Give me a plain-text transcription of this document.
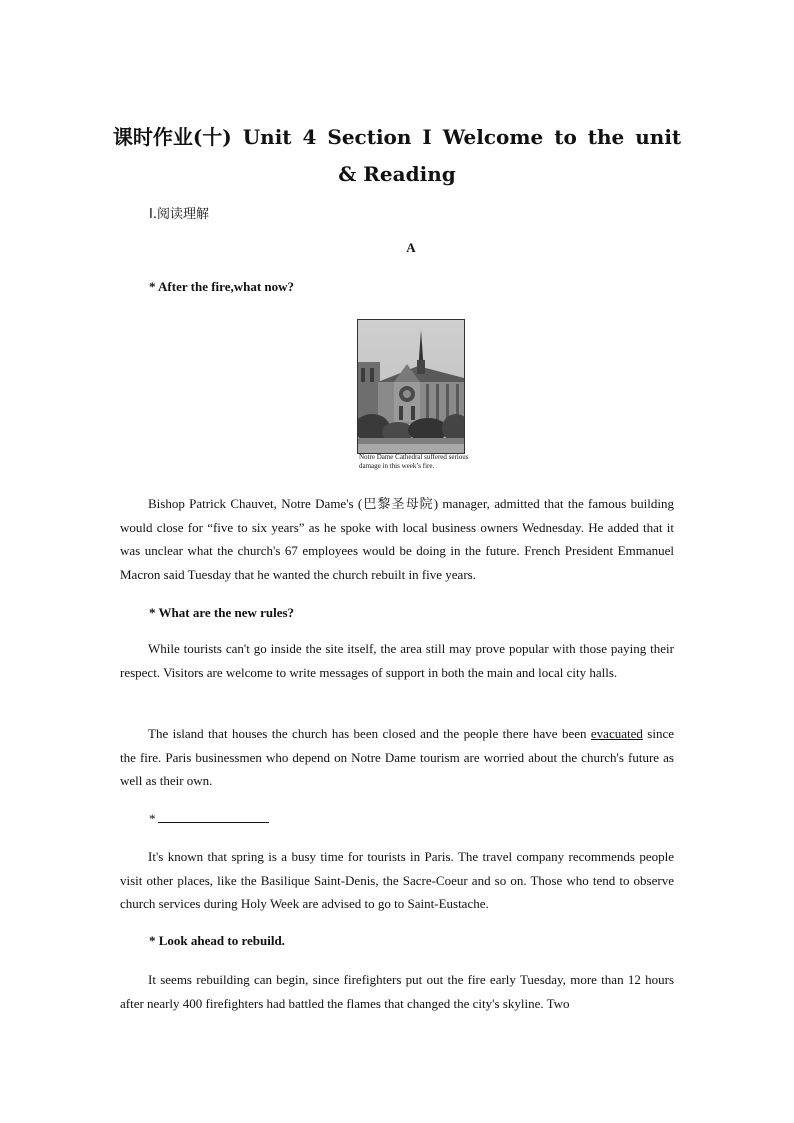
课时作业(十) Unit 4 Section Ⅰ Welcome to the unit
& Reading
Ⅰ.阅读理解
A
* After the fire,what now?
Notre Dame Cathedral suffered serious damage in this week’s fire.

Bishop Patrick Chauvet, Notre Dame's (巴黎圣母院) manager, admitted that the famous building would close for “five to six years” as he spoke with local business owners Wednesday. He added that it was unclear what the church's 67 employees would be doing in the future. French President Emmanuel Macron said Tuesday that he wanted the church rebuilt in five years.

* What are the new rules?

While tourists can't go inside the site itself, the area still may prove popular with those paying their respect. Visitors are welcome to write messages of support in both the main and local city halls.

The island that houses the church has been closed and the people there have been evacuated since the fire. Paris businessmen who depend on Notre Dame tourism are worried about the church's future as well as their own.

*

It's known that spring is a busy time for tourists in Paris. The travel company recommends people visit other places, like the Basilique Saint-Denis, the Sacre-Coeur and so on. Those who tend to observe church services during Holy Week are advised to go to Saint-Eustache.

* Look ahead to rebuild.

It seems rebuilding can begin, since firefighters put out the fire early Tuesday, more than 12 hours after nearly 400 firefighters had battled the flames that changed the city's skyline. Two
